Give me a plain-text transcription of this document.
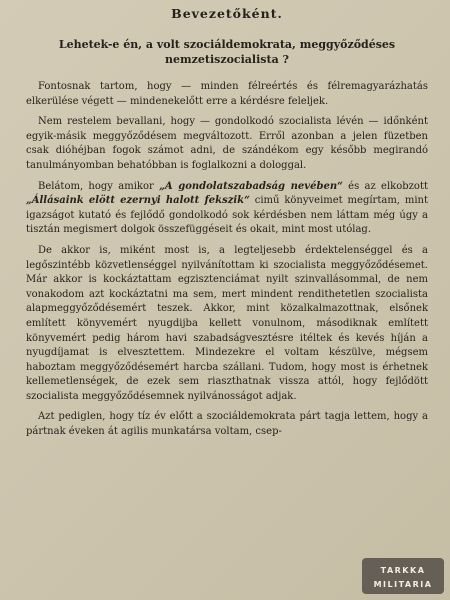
Bevezetőként.
Lehetek-e én, a volt szociáldemokrata, meggyőződéses nemzetiszocialista ?

Fontosnak tartom, hogy — minden félreértés és félremagyarázhatás elkerülése végett — mindenekelőtt erre a kérdésre feleljek.

Nem restelem bevallani, hogy — gondolkodó szocialista lévén — időnként egyik-másik meggyőződésem megváltozott. Erről azonban a jelen füzetben csak dióhéjban fogok számot adni, de szándékom egy később megirandó tanulmányomban behatóbban is foglalkozni a dologgal.

Belátom, hogy amikor „A gondolatszabadság nevében“ és az elkobzott „Állásaink elött ezernyi halott fekszik“ cimű könyveimet megírtam, mint igazságot kutató és fejlődő gondolkodó sok kérdésben nem láttam még úgy a tisztán megismert dolgok összefüggéseit és okait, mint most utólag.

De akkor is, miként most is, a legteljesebb érdektelenséggel és a legőszintébb közvetlenséggel nyilvánítottam ki szocialista meggyőződésemet. Már akkor is kockáztattam egzisztenciámat nyilt szinvallásommal, de nem vonakodom azt kockáztatni ma sem, mert mindent rendithetetlen szocialista alapmeggyőződésemért teszek. Akkor, mint közalkalmazottnak, elsőnek említett könyvemért nyugdijba kellett vonulnom, másodiknak említett könyvemért pedig három havi szabadságvesztésre itéltek és kevés híján a nyugdíjamat is elvesztettem. Mindezekre el voltam készülve, mégsem haboztam meggyőződésemért harcba szállani. Tudom, hogy most is érhetnek kellemetlenségek, de ezek sem riaszthatnak vissza attól, hogy fejlődött szocialista meggyőződésemnek nyilvánosságot adjak.

Azt pediglen, hogy tíz év előtt a szociáldemokrata párt tagja lettem, hogy a pártnak éveken át agilis munkatársa voltam, csep-

TARKKA
MILITARIA
